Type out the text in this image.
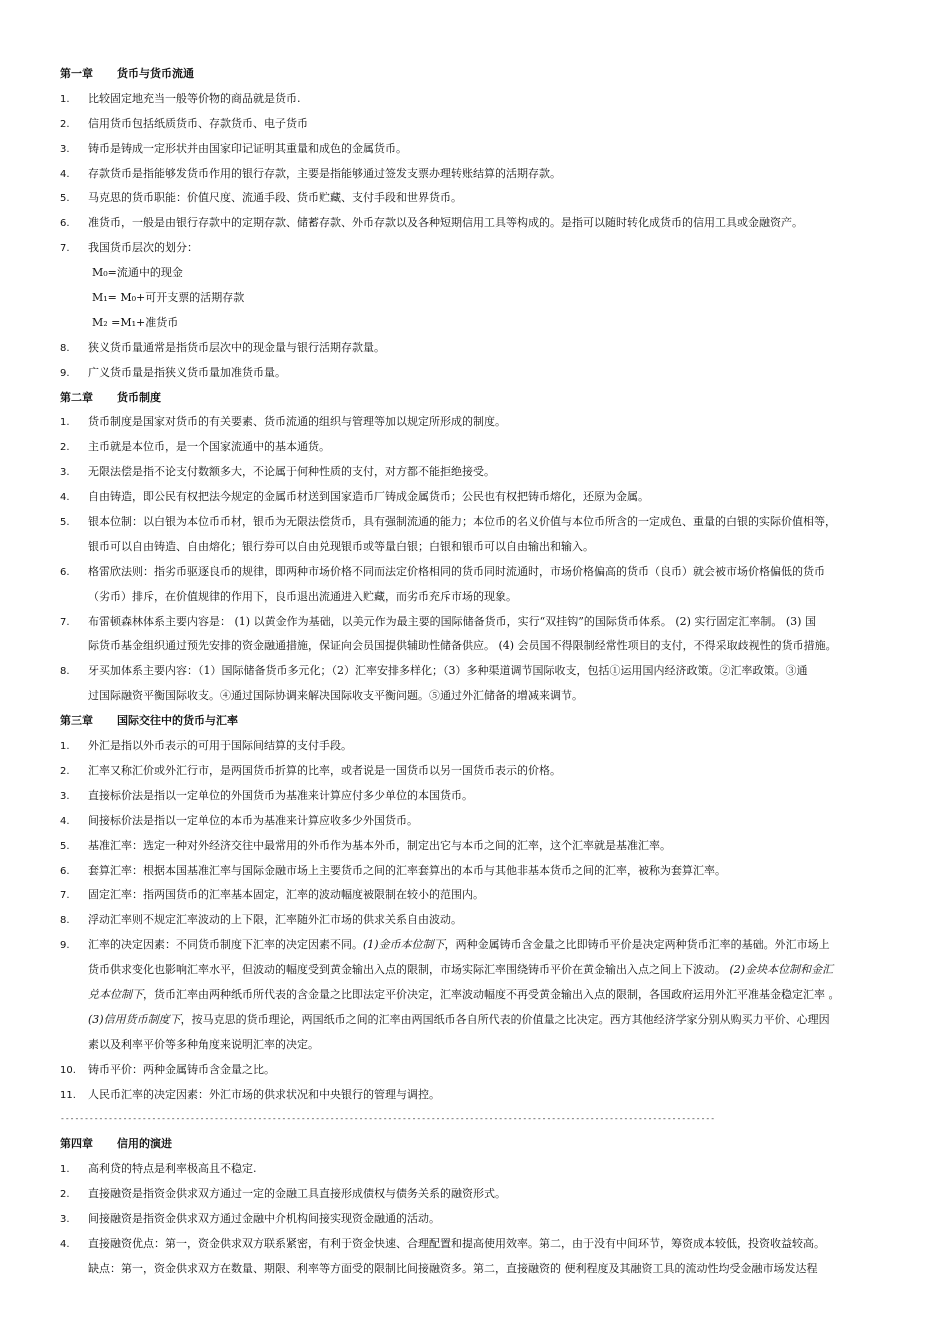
第一章 货币与货币流通
1. 比较固定地充当一般等价物的商品就是货币.
2. 信用货币包括纸质货币、存款货币、电子货币
3. 铸币是铸成一定形状并由国家印记证明其重量和成色的金属货币。
4. 存款货币是指能够发货币作用的银行存款，主要是指能够通过签发支票办理转账结算的活期存款。
5. 马克思的货币职能：价值尺度、流通手段、货币贮藏、支付手段和世界货币。
6. 准货币，一般是由银行存款中的定期存款、储蓄存款、外币存款以及各种短期信用工具等构成的。是指可以随时转化成货币的信用工具或金融资产。
7. 我国货币层次的划分：
M₀=流通中的现金
M₁= M₀+可开支票的活期存款
M₂ =M₁+准货币
8. 狭义货币量通常是指货币层次中的现金量与银行活期存款量。
9. 广义货币量是指狭义货币量加准货币量。
第二章 货币制度
1. 货币制度是国家对货币的有关要素、货币流通的组织与管理等加以规定所形成的制度。
2. 主币就是本位币，是一个国家流通中的基本通货。
3. 无限法偿是指不论支付数额多大，不论属于何种性质的支付，对方都不能拒绝接受。
4. 自由铸造，即公民有权把法今规定的金属币材送到国家造币厂铸成金属货币；公民也有权把铸币熔化，还原为金属。
5. 银本位制：以白银为本位币币材，银币为无限法偿货币，具有强制流通的能力；本位币的名义价值与本位币所含的一定成色、重量的白银的实际价值相等，
银币可以自由铸造、自由熔化；银行券可以自由兑现银币或等量白银；白银和银币可以自由输出和输入。
6. 格雷欣法则：指劣币驱逐良币的规律，即两种市场价格不同而法定价格相同的货币同时流通时，市场价格偏高的货币（良币）就会被市场价格偏低的货币
（劣币）排斥，在价值规律的作用下，良币退出流通进入贮藏，而劣币充斥市场的现象。
7. 布雷顿森林体系主要内容是： (1) 以黄金作为基础，以美元作为最主要的国际储备货币，实行“双挂钩”的国际货币体系。 (2) 实行固定汇率制。 (3) 国
际货币基金组织通过预先安排的资金融通措施，保证向会员国提供辅助性储备供应。 (4) 会员国不得限制经常性项目的支付，不得采取歧视性的货币措施。
8. 牙买加体系主要内容：（1）国际储备货币多元化；（2）汇率安排多样化；（3）多种渠道调节国际收支，包括①运用国内经济政策。②汇率政策。③通
过国际融资平衡国际收支。④通过国际协调来解决国际收支平衡问题。⑤通过外汇储备的增减来调节。
第三章 国际交往中的货币与汇率
1. 外汇是指以外币表示的可用于国际间结算的支付手段。
2. 汇率又称汇价或外汇行市，是两国货币折算的比率，或者说是一国货币以另一国货币表示的价格。
3. 直接标价法是指以一定单位的外国货币为基准来计算应付多少单位的本国货币。
4. 间接标价法是指以一定单位的本币为基准来计算应收多少外国货币。
5. 基准汇率：选定一种对外经济交往中最常用的外币作为基本外币，制定出它与本币之间的汇率，这个汇率就是基准汇率。
6. 套算汇率：根据本国基准汇率与国际金融市场上主要货币之间的汇率套算出的本币与其他非基本货币之间的汇率，被称为套算汇率。
7. 固定汇率：指两国货币的汇率基本固定，汇率的波动幅度被限制在较小的范围内。
8. 浮动汇率则不规定汇率波动的上下限，汇率随外汇市场的供求关系自由波动。
9. 汇率的决定因素：不同货币制度下汇率的决定因素不同。(1)金币本位制下，两种金属铸币含金量之比即铸币平价是决定两种货币汇率的基础。外汇市场上
货币供求变化也影响汇率水平，但波动的幅度受到黄金输出入点的限制，市场实际汇率围绕铸币平价在黄金输出入点之间上下波动。 (2)金块本位制和金汇
兑本位制下，货币汇率由两种纸币所代表的含金量之比即法定平价决定，汇率波动幅度不再受黄金输出入点的限制，各国政府运用外汇平准基金稳定汇率 。
(3)信用货币制度下，按马克思的货币理论，两国纸币之间的汇率由两国纸币各自所代表的价值量之比决定。西方其他经济学家分别从购买力平价、心理因
素以及利率平价等多种角度来说明汇率的决定。
10. 铸币平价：两种金属铸币含金量之比。
11. 人民币汇率的决定因素：外汇市场的供求状况和中央银行的管理与调控。
----------------------------------------------------------------------------------------------------------------------------------------
第四章 信用的演进
1. 高利贷的特点是利率极高且不稳定.
2. 直接融资是指资金供求双方通过一定的金融工具直接形成债权与债务关系的融资形式。
3. 间接融资是指资金供求双方通过金融中介机构间接实现资金融通的活动。
4. 直接融资优点：第一，资金供求双方联系紧密，有利于资金快速、合理配置和提高使用效率。第二，由于没有中间环节，筹资成本较低，投资收益较高。
缺点：第一，资金供求双方在数量、期限、利率等方面受的限制比间接融资多。第二，直接融资的 便利程度及其融资工具的流动性均受金融市场发达程
